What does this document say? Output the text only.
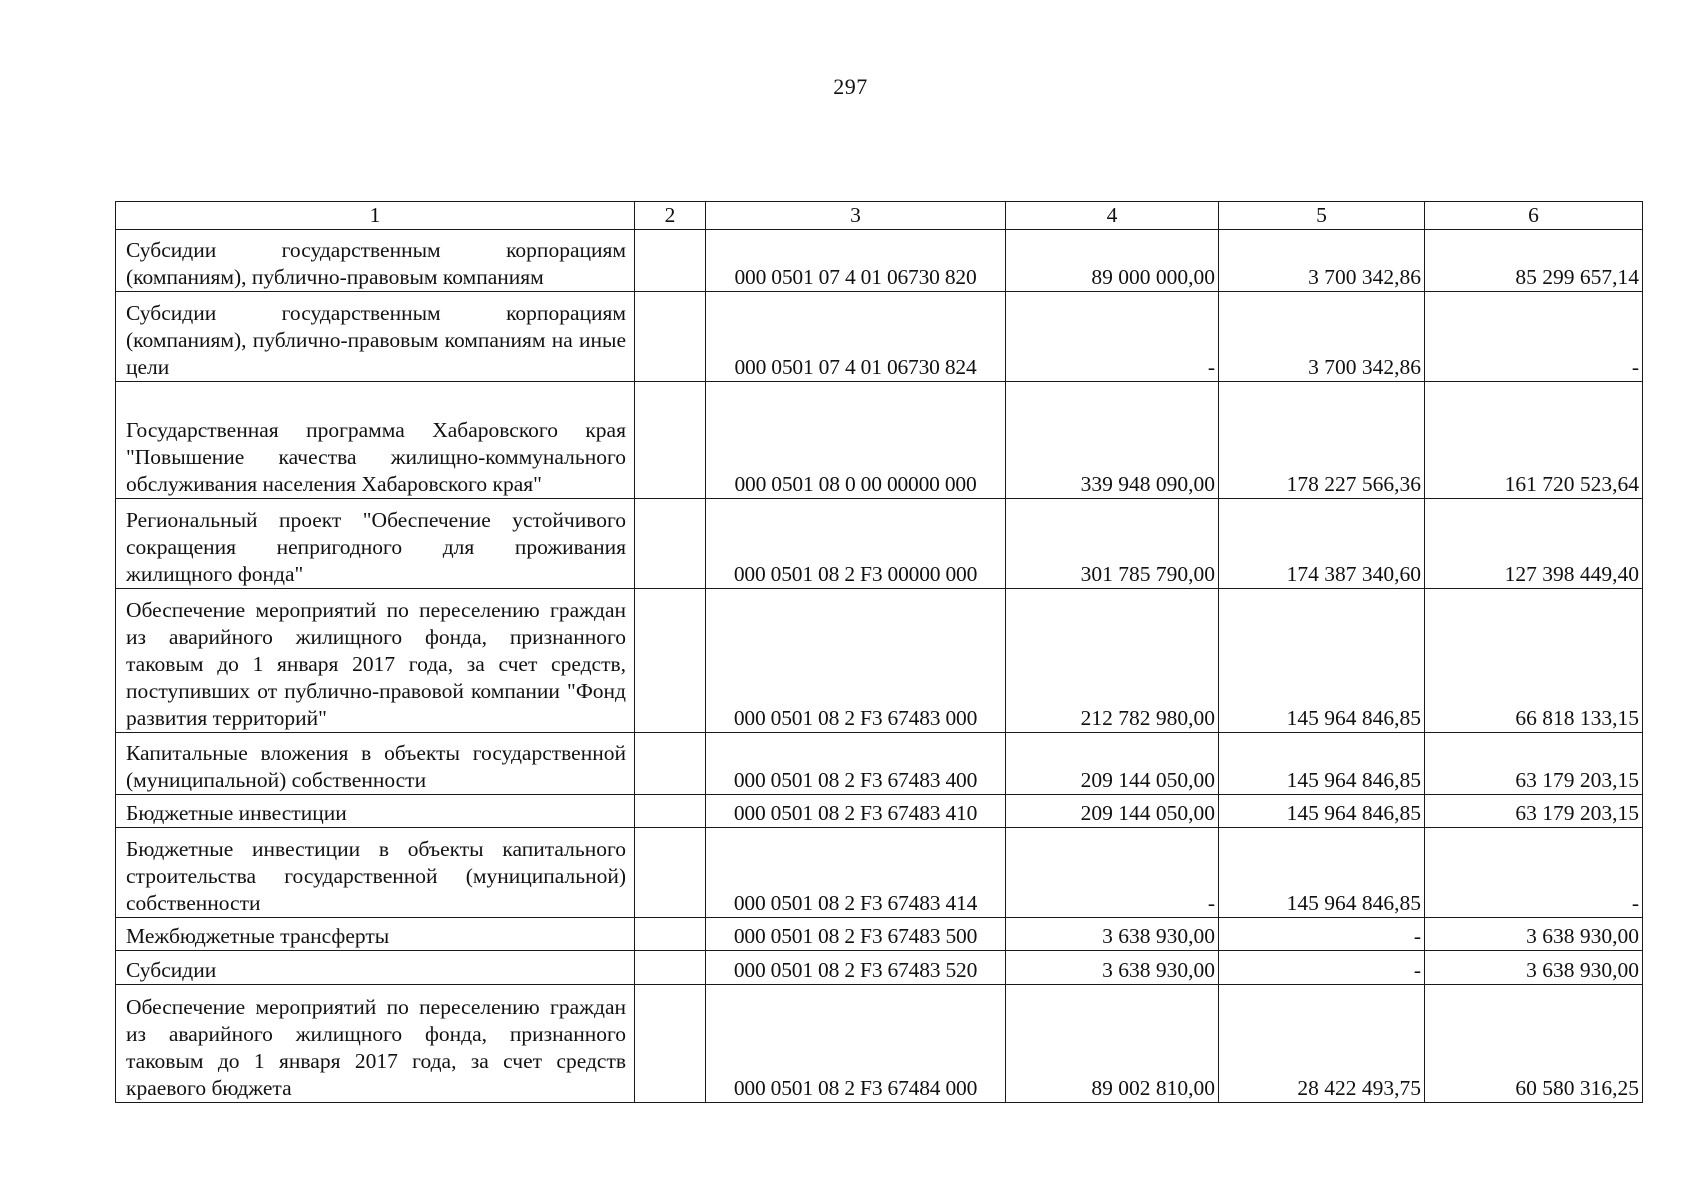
297
1	2	3	4	5	6
Субсидии государственным корпорациям (компаниям), публично-правовым компаниям		000 0501 07 4 01 06730 820	89 000 000,00	3 700 342,86	85 299 657,14
Субсидии государственным корпорациям (компаниям), публично-правовым компаниям на иные цели		000 0501 07 4 01 06730 824	-	3 700 342,86	-
Государственная программа Хабаровского края "Повышение качества жилищно-коммунального обслуживания населения Хабаровского края"		000 0501 08 0 00 00000 000	339 948 090,00	178 227 566,36	161 720 523,64
Региональный проект "Обеспечение устойчивого сокращения непригодного для проживания жилищного фонда"		000 0501 08 2 F3 00000 000	301 785 790,00	174 387 340,60	127 398 449,40
Обеспечение мероприятий по переселению граждан из аварийного жилищного фонда, признанного таковым до 1 января 2017 года, за счет средств, поступивших от публично-правовой компании "Фонд развития территорий"		000 0501 08 2 F3 67483 000	212 782 980,00	145 964 846,85	66 818 133,15
Капитальные вложения в объекты государственной (муниципальной) собственности		000 0501 08 2 F3 67483 400	209 144 050,00	145 964 846,85	63 179 203,15
Бюджетные инвестиции		000 0501 08 2 F3 67483 410	209 144 050,00	145 964 846,85	63 179 203,15
Бюджетные инвестиции в объекты капитального строительства государственной (муниципальной) собственности		000 0501 08 2 F3 67483 414	-	145 964 846,85	-
Межбюджетные трансферты		000 0501 08 2 F3 67483 500	3 638 930,00	-	3 638 930,00
Субсидии		000 0501 08 2 F3 67483 520	3 638 930,00	-	3 638 930,00
Обеспечение мероприятий по переселению граждан из аварийного жилищного фонда, признанного таковым до 1 января 2017 года, за счет средств краевого бюджета		000 0501 08 2 F3 67484 000	89 002 810,00	28 422 493,75	60 580 316,25
